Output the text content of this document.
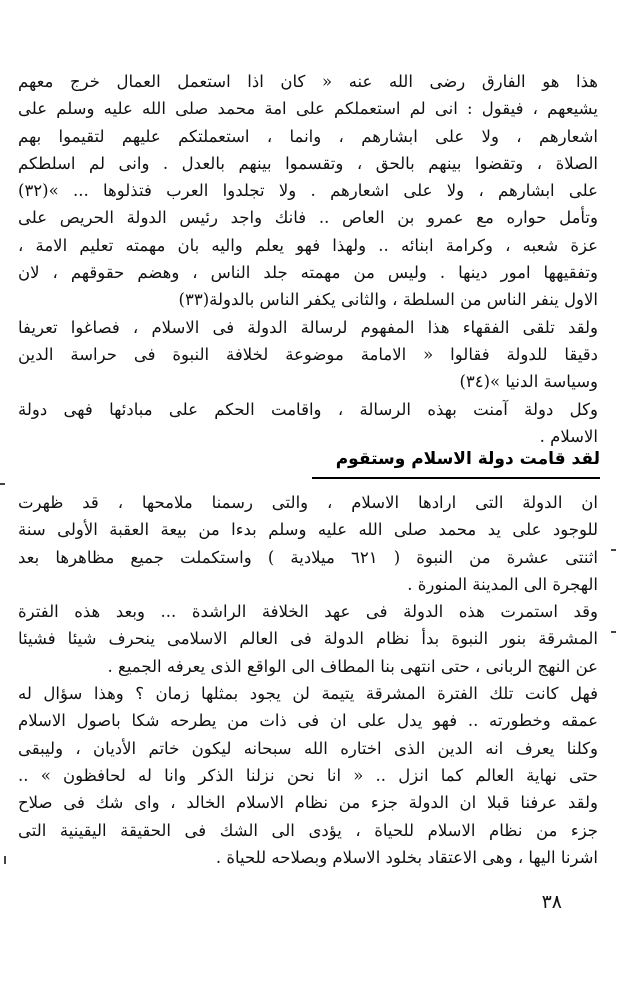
هذا هو الفارق رضى الله عنه « كان اذا استعمل العمال خرج معهم
يشيعهم ، فيقول : انى لم استعملكم على امة محمد صلى الله عليه وسلم على
اشعارهم ، ولا على ابشارهم ، وانما ، استعملتكم عليهم لتقيموا بهم
الصلاة ، وتقضوا بينهم بالحق ، وتقسموا بينهم بالعدل . وانى لم اسلطكم
على ابشارهم ، ولا على اشعارهم . ولا تجلدوا العرب فتذلوها ... »(٣٢)
وتأمل حواره مع عمرو بن العاص .. فانك واجد رئيس الدولة الحريص على
عزة شعبه ، وكرامة ابنائه .. ولهذا فهو يعلم واليه بان مهمته تعليم الامة ،
وتفقيهها امور دينها . وليس من مهمته جلد الناس ، وهضم حقوقهم ، لان
الاول ينفر الناس من السلطة ، والثانى يكفر الناس بالدولة(٣٣)
ولقد تلقى الفقهاء هذا المفهوم لرسالة الدولة فى الاسلام ، فصاغوا تعريفا
دقيقا للدولة فقالوا « الامامة موضوعة لخلافة النبوة فى حراسة الدين
وسياسة الدنيا »(٣٤)
وكل دولة آمنت بهذه الرسالة ، واقامت الحكم على مبادئها فهى دولة
الاسلام .
لقد قامت دولة الاسلام وستقوم
ان الدولة التى ارادها الاسلام ، والتى رسمنا ملامحها ، قد ظهرت
للوجود على يد محمد صلى الله عليه وسلم بدءا من بيعة العقبة الأولى سنة
اثنتى عشرة من النبوة ( ٦٢١ ميلادية ) واستكملت جميع مظاهرها بعد
الهجرة الى المدينة المنورة .
وقد استمرت هذه الدولة فى عهد الخلافة الراشدة ... وبعد هذه الفترة
المشرقة بنور النبوة بدأ نظام الدولة فى العالم الاسلامى ينحرف شيئا فشيئا
عن النهج الربانى ، حتى انتهى بنا المطاف الى الواقع الذى يعرفه الجميع .
فهل كانت تلك الفترة المشرقة يتيمة لن يجود بمثلها زمان ؟ وهذا سؤال له
عمقه وخطورته .. فهو يدل على ان فى ذات من يطرحه شكا باصول الاسلام
وكلنا يعرف انه الدين الذى اختاره الله سبحانه ليكون خاتم الأديان ، وليبقى
حتى نهاية العالم كما انزل .. « انا نحن نزلنا الذكر وانا له لحافظون » ..
ولقد عرفنا قبلا ان الدولة جزء من نظام الاسلام الخالد ، واى شك فى صلاح
جزء من نظام الاسلام للحياة ، يؤدى الى الشك فى الحقيقة اليقينية التى
اشرنا اليها ، وهى الاعتقاد بخلود الاسلام وبصلاحه للحياة .
٣٨
